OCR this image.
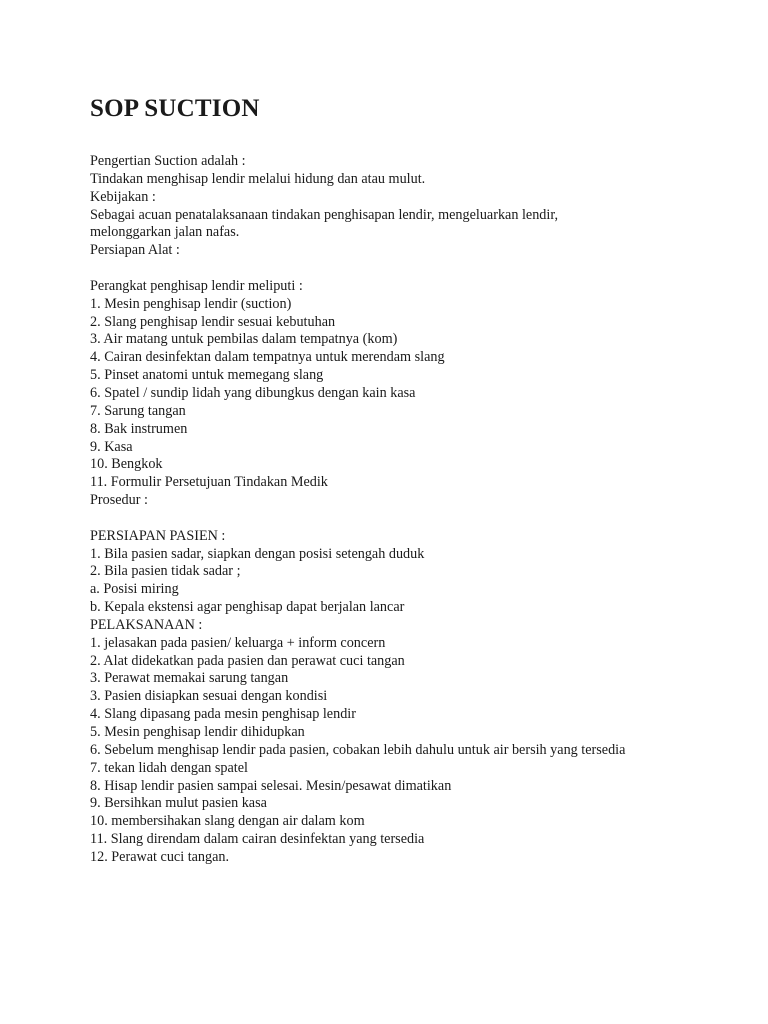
SOP SUCTION
Pengertian Suction adalah :
Tindakan menghisap lendir melalui hidung dan atau mulut.
Kebijakan :
Sebagai acuan penatalaksanaan tindakan penghisapan lendir, mengeluarkan lendir,
melonggarkan jalan nafas.
Persiapan Alat :
Perangkat penghisap lendir meliputi :
1. Mesin penghisap lendir (suction)
2. Slang penghisap lendir sesuai kebutuhan
3. Air matang untuk pembilas dalam tempatnya (kom)
4. Cairan desinfektan dalam tempatnya untuk merendam slang
5. Pinset anatomi untuk memegang slang
6. Spatel / sundip lidah yang dibungkus dengan kain kasa
7. Sarung tangan
8. Bak instrumen
9. Kasa
10. Bengkok
11. Formulir Persetujuan Tindakan Medik
Prosedur :
PERSIAPAN PASIEN :
1. Bila pasien sadar, siapkan dengan posisi setengah duduk
2. Bila pasien tidak sadar ;
a. Posisi miring
b. Kepala ekstensi agar penghisap dapat berjalan lancar
PELAKSANAAN :
1. jelasakan pada pasien/ keluarga + inform concern
2. Alat didekatkan pada pasien dan perawat cuci tangan
3. Perawat memakai sarung tangan
3. Pasien disiapkan sesuai dengan kondisi
4. Slang dipasang pada mesin penghisap lendir
5. Mesin penghisap lendir dihidupkan
6. Sebelum menghisap lendir pada pasien, cobakan lebih dahulu untuk air bersih yang tersedia
7. tekan lidah dengan spatel
8. Hisap lendir pasien sampai selesai. Mesin/pesawat dimatikan
9. Bersihkan mulut pasien kasa
10. membersihakan slang dengan air dalam kom
11. Slang direndam dalam cairan desinfektan yang tersedia
12. Perawat cuci tangan.
